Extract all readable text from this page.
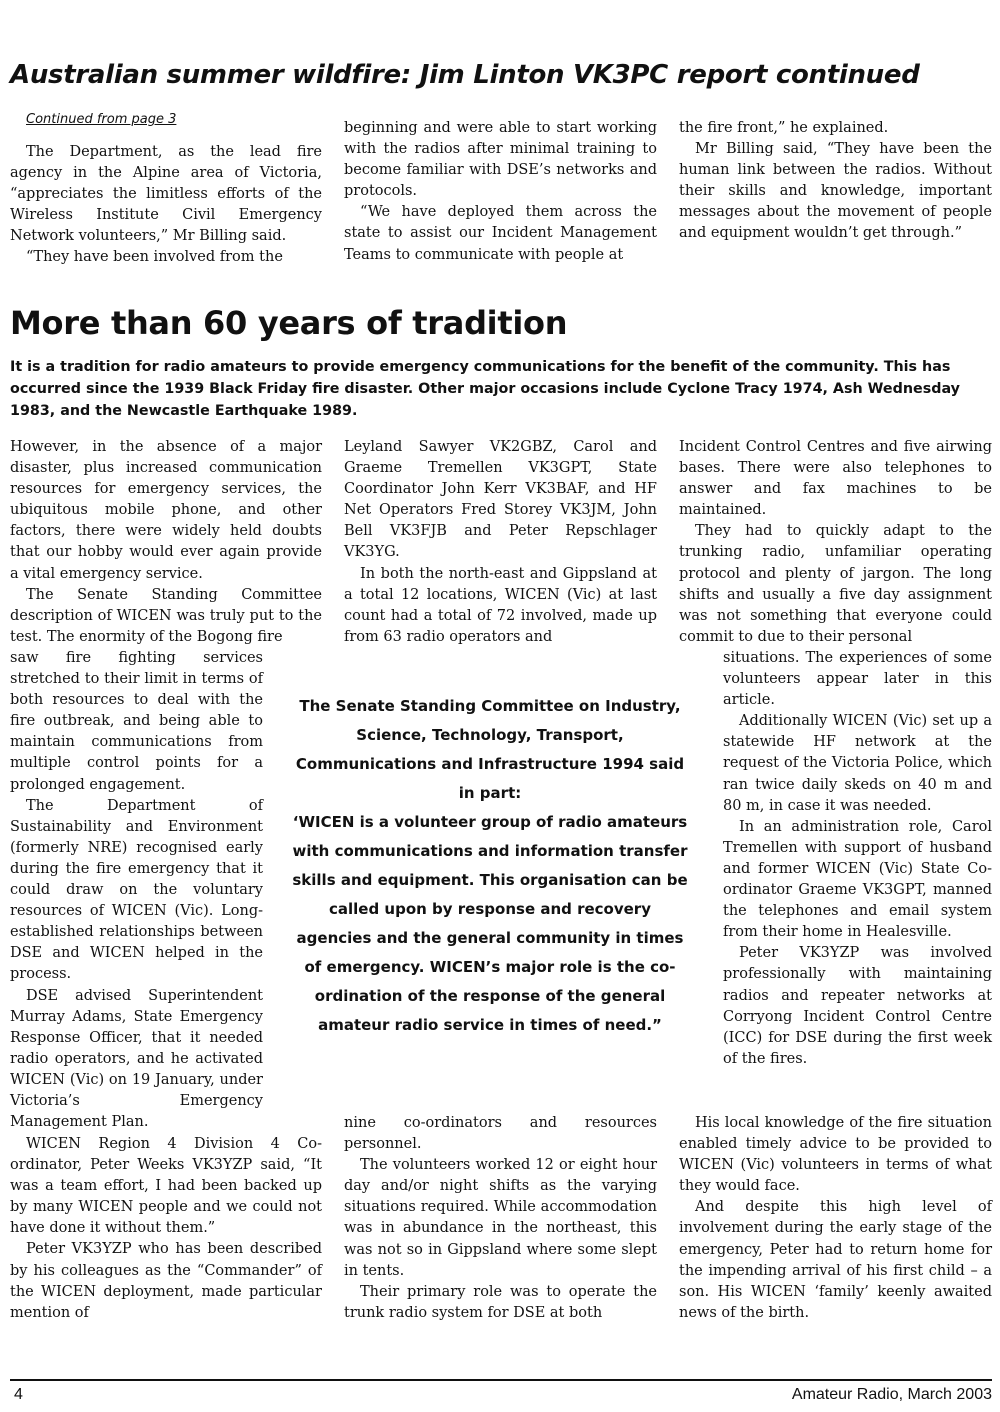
Australian summer wildfire: Jim Linton VK3PC report continued
Continued from page 3

The Department, as the lead fire agency in the Alpine area of Victoria, “appreciates the limitless efforts of the Wireless Institute Civil Emergency Network volunteers,” Mr Billing said.

“They have been involved from the

beginning and were able to start working with the radios after minimal training to become familiar with DSE’s networks and protocols.

“We have deployed them across the state to assist our Incident Management Teams to communicate with people at

the fire front,” he explained.

Mr Billing said, “They have been the human link between the radios. Without their skills and knowledge, important messages about the movement of people and equipment wouldn’t get through.”

More than 60 years of tradition
It is a tradition for radio amateurs to provide emergency communications for the benefit of the community. This has occurred since the 1939 Black Friday fire disaster. Other major occasions include Cyclone Tracy 1974, Ash Wednesday 1983, and the Newcastle Earthquake 1989.

However, in the absence of a major disaster, plus increased communication resources for emergency services, the ubiquitous mobile phone, and other factors, there were widely held doubts that our hobby would ever again provide a vital emergency service.

The Senate Standing Committee description of WICEN was truly put to the test. The enormity of the Bogong fire

saw fire fighting services stretched to their limit in terms of both resources to deal with the fire outbreak, and being able to maintain communications from multiple control points for a prolonged engagement.

The Department of Sustainability and Environment (formerly NRE) recognised early during the fire emergency that it could draw on the voluntary resources of WICEN (Vic). Long-established relationships between DSE and WICEN helped in the process.

DSE advised Superintendent Murray Adams, State Emergency Response Officer, that it needed radio operators, and he activated WICEN (Vic) on 19 January, under Victoria’s Emergency Management Plan.

WICEN Region 4 Division 4 Co-ordinator, Peter Weeks VK3YZP said, “It was a team effort, I had been backed up by many WICEN people and we could not have done it without them.”

Peter VK3YZP who has been described by his colleagues as the “Commander” of the WICEN deployment, made particular mention of

Leyland Sawyer VK2GBZ, Carol and Graeme Tremellen VK3GPT, State Coordinator John Kerr VK3BAF, and HF Net Operators Fred Storey VK3JM, John Bell VK3FJB and Peter Repschlager VK3YG.

In both the north-east and Gippsland at a total 12 locations, WICEN (Vic) at last count had a total of 72 involved, made up from 63 radio operators and

nine co-ordinators and resources personnel.

The volunteers worked 12 or eight hour day and/or night shifts as the varying situations required. While accommodation was in abundance in the northeast, this was not so in Gippsland where some slept in tents.

Their primary role was to operate the trunk radio system for DSE at both

Incident Control Centres and five airwing bases. There were also telephones to answer and fax machines to be maintained.

They had to quickly adapt to the trunking radio, unfamiliar operating protocol and plenty of jargon. The long shifts and usually a five day assignment was not something that everyone could commit to due to their personal

situations. The experiences of some volunteers appear later in this article.

Additionally WICEN (Vic) set up a statewide HF network at the request of the Victoria Police, which ran twice daily skeds on 40 m and 80 m, in case it was needed.

In an administration role, Carol Tremellen with support of husband and former WICEN (Vic) State Co-ordinator Graeme VK3GPT, manned the telephones and email system from their home in Healesville.

Peter VK3YZP was involved professionally with maintaining radios and repeater networks at Corryong Incident Control Centre (ICC) for DSE during the first week of the fires.

His local knowledge of the fire situation enabled timely advice to be provided to WICEN (Vic) volunteers in terms of what they would face.

And despite this high level of involvement during the early stage of the emergency, Peter had to return home for the impending arrival of his first child – a son. His WICEN ‘family’ keenly awaited news of the birth.

The Senate Standing Committee on Industry, Science, Technology, Transport, Communications and Infrastructure 1994 said in part:

‘WICEN is a volunteer group of radio amateurs with communications and information transfer skills and equipment. This organisation can be called upon by response and recovery agencies and the general community in times of emergency. WICEN’s major role is the co-ordination of the response of the general amateur radio service in times of need.”

4	Amateur Radio, March 2003
